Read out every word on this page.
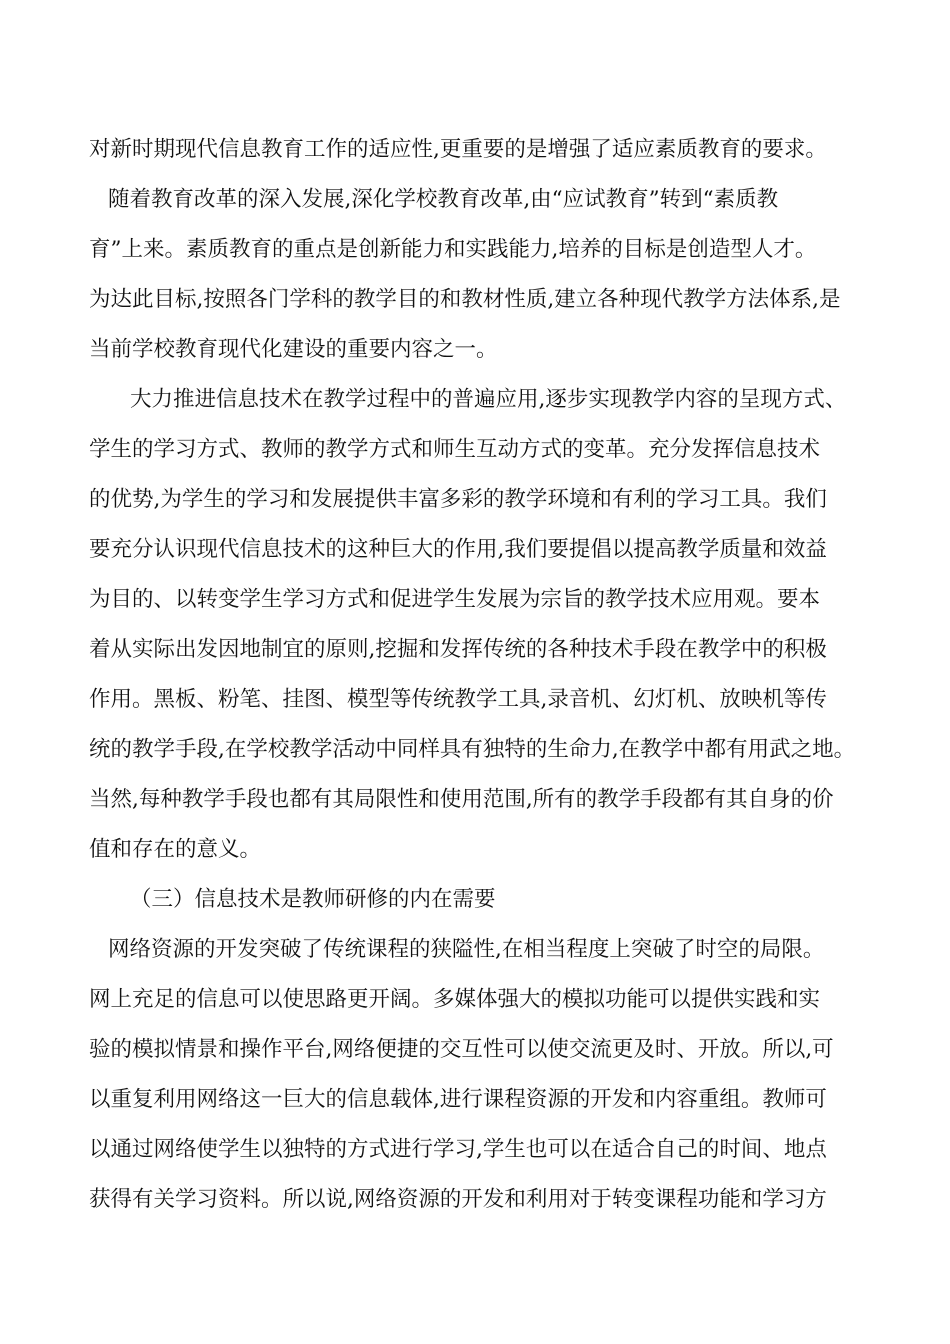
对新时期现代信息教育工作的适应性,更重要的是增强了适应素质教育的要求。
随着教育改革的深入发展,深化学校教育改革,由“应试教育”转到“素质教
育”上来。素质教育的重点是创新能力和实践能力,培养的目标是创造型人才。
为达此目标,按照各门学科的教学目的和教材性质,建立各种现代教学方法体系,是
当前学校教育现代化建设的重要内容之一。
大力推进信息技术在教学过程中的普遍应用,逐步实现教学内容的呈现方式、
学生的学习方式、教师的教学方式和师生互动方式的变革。充分发挥信息技术
的优势,为学生的学习和发展提供丰富多彩的教学环境和有利的学习工具。我们
要充分认识现代信息技术的这种巨大的作用,我们要提倡以提高教学质量和效益
为目的、以转变学生学习方式和促进学生发展为宗旨的教学技术应用观。要本
着从实际出发因地制宜的原则,挖掘和发挥传统的各种技术手段在教学中的积极
作用。黑板、粉笔、挂图、模型等传统教学工具,录音机、幻灯机、放映机等传
统的教学手段,在学校教学活动中同样具有独特的生命力,在教学中都有用武之地。
当然,每种教学手段也都有其局限性和使用范围,所有的教学手段都有其自身的价
值和存在的意义。
（三）信息技术是教师研修的内在需要
网络资源的开发突破了传统课程的狭隘性,在相当程度上突破了时空的局限。
网上充足的信息可以使思路更开阔。多媒体强大的模拟功能可以提供实践和实
验的模拟情景和操作平台,网络便捷的交互性可以使交流更及时、开放。所以,可
以重复利用网络这一巨大的信息载体,进行课程资源的开发和内容重组。教师可
以通过网络使学生以独特的方式进行学习,学生也可以在适合自己的时间、地点
获得有关学习资料。所以说,网络资源的开发和利用对于转变课程功能和学习方
